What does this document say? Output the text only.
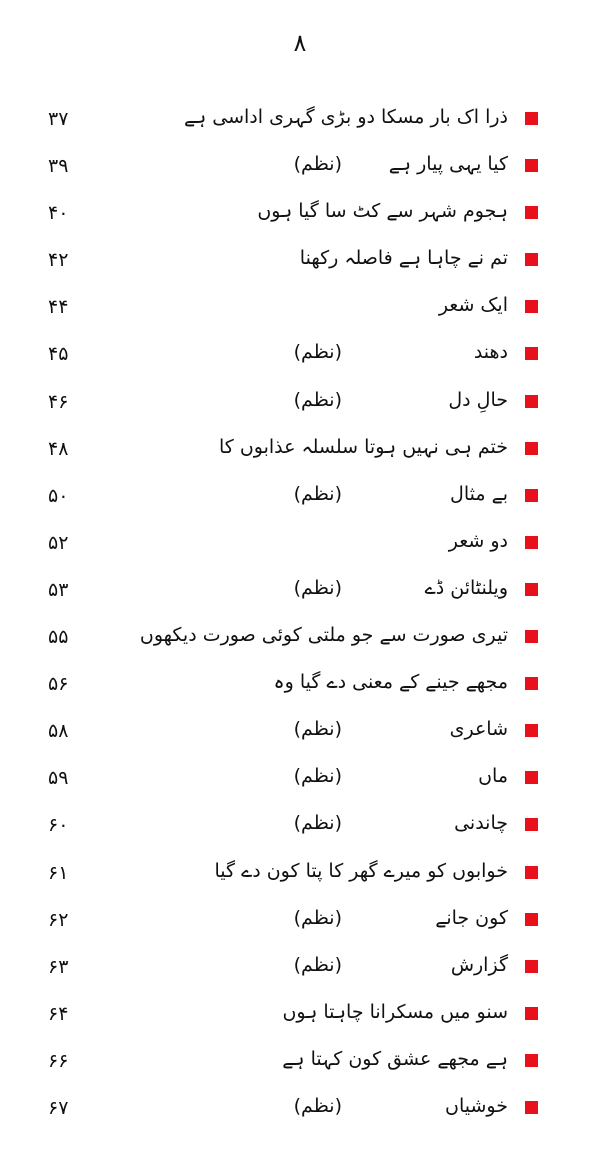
۸
ذرا اک بار مسکا دو بڑی گہری اداسی ہے
۳۷
کیا یہی پیار ہے
(نظم)
۳۹
ہجوم شہر سے کٹ سا گیا ہوں
۴۰
تم نے چاہا ہے فاصلہ رکھنا
۴۲
ایک شعر
۴۴
دھند
(نظم)
۴۵
حالِ دل
(نظم)
۴۶
ختم ہی نہیں ہوتا سلسلہ عذابوں کا
۴۸
بے مثال
(نظم)
۵۰
دو شعر
۵۲
ویلنٹائن ڈے
(نظم)
۵۳
تیری صورت سے جو ملتی کوئی صورت دیکھوں
۵۵
مجھے جینے کے معنی دے گیا وہ
۵۶
شاعری
(نظم)
۵۸
ماں
(نظم)
۵۹
چاندنی
(نظم)
۶۰
خوابوں کو میرے گھر کا پتا کون دے گیا
۶۱
کون جانے
(نظم)
۶۲
گزارش
(نظم)
۶۳
سنو میں مسکرانا چاہتا ہوں
۶۴
ہے مجھے عشق کون کہتا ہے
۶۶
خوشیاں
(نظم)
۶۷
